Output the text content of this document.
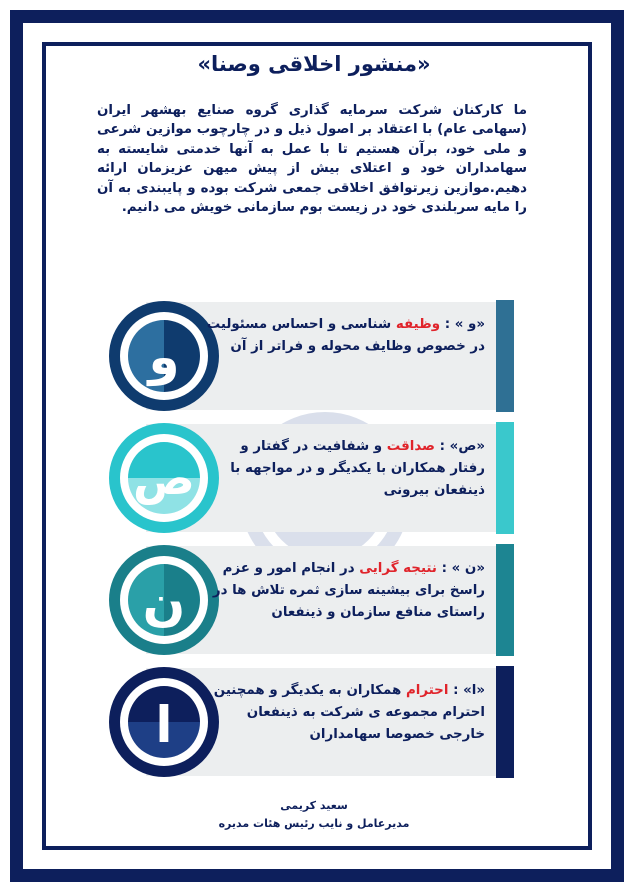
«منشور اخلاقی وصنا»
ما کارکنان شرکت سرمایه گذاری گروه صنایع بهشهر ایران (سهامی عام) با اعتقاد بر اصول ذیل و در چارچوب موازین شرعی و ملی خود، برآن هستیم تا با عمل به آنها خدمتی شایسته به سهامداران خود و اعتلای بیش از پیش میهن عزیزمان ارائه دهیم.موازین زیرتوافق اخلاقی جمعی شرکت بوده و پایبندی به آن را مایه سربلندی خود در زیست بوم سازمانی خویش می دانیم.
و
«و » : وظیفه شناسی و احساس مسئولیت در خصوص وظایف محوله و فراتر از آن
ص
«ص» : صداقت و شفافیت در گفتار و رفتار همکاران با یکدیگر و در مواجهه با ذینفعان بیرونی
ن
«ن » : نتیجه گرایی در انجام امور و عزم راسخ برای بیشینه سازی ثمره تلاش ها در راستای منافع سازمان و ذینفعان
ا
«ا» : احترام همکاران به یکدیگر و همچنین احترام مجموعه ی شرکت به ذینفعان خارجی خصوصا سهامداران
سعید کریمی
مدیرعامل و نایب رئیس هئات مدیره
